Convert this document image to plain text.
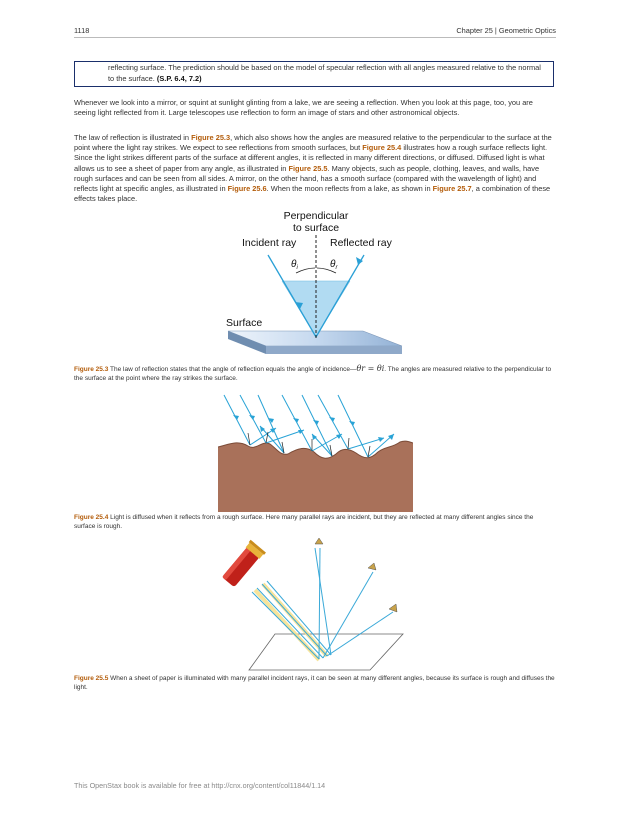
1118	Chapter 25 | Geometric Optics
reflecting surface. The prediction should be based on the model of specular reflection with all angles measured relative to the normal to the surface. (S.P. 6.4, 7.2)
Whenever we look into a mirror, or squint at sunlight glinting from a lake, we are seeing a reflection. When you look at this page, too, you are seeing light reflected from it. Large telescopes use reflection to form an image of stars and other astronomical objects.
The law of reflection is illustrated in Figure 25.3, which also shows how the angles are measured relative to the perpendicular to the surface at the point where the light ray strikes. We expect to see reflections from smooth surfaces, but Figure 25.4 illustrates how a rough surface reflects light. Since the light strikes different parts of the surface at different angles, it is reflected in many different directions, or diffused. Diffused light is what allows us to see a sheet of paper from any angle, as illustrated in Figure 25.5. Many objects, such as people, clothing, leaves, and walls, have rough surfaces and can be seen from all sides. A mirror, on the other hand, has a smooth surface (compared with the wavelength of light) and reflects light at specific angles, as illustrated in Figure 25.6. When the moon reflects from a lake, as shown in Figure 25.7, a combination of these effects takes place.
Perpendicular
to surface
Incident ray	Reflected ray
$\theta_i$	$\theta_r$
Surface
Figure 25.3 The law of reflection states that the angle of reflection equals the angle of incidence—θr = θi. The angles are measured relative to the perpendicular to the surface at the point where the ray strikes the surface.
Figure 25.4 Light is diffused when it reflects from a rough surface. Here many parallel rays are incident, but they are reflected at many different angles since the surface is rough.
Figure 25.5 When a sheet of paper is illuminated with many parallel incident rays, it can be seen at many different angles, because its surface is rough and diffuses the light.
This OpenStax book is available for free at http://cnx.org/content/col11844/1.14
